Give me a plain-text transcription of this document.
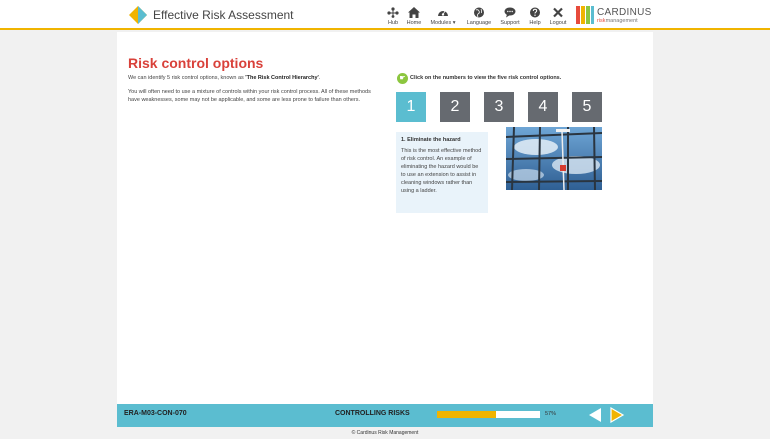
Effective Risk Assessment
Hub	Home	Modules ▾	Language	Support	Help	Logout
CARDINUS
riskmanagement
Risk control options
We can identify 5 risk control options, known as 'The Risk Control Hierarchy'.
You will often need to use a mixture of controls within your risk control process. All of these methods have weaknesses, some may not be applicable, and some are less prone to failure than others.
☛ Click on the numbers to view the five risk control options.
1	2	3	4	5
1. Eliminate the hazard
This is the most effective method of risk control. An example of eliminating the hazard would be to use an extension to assist in cleaning windows rather than using a ladder.
ERA-M03-CON-070	CONTROLLING RISKS	57%
© Cardinus Risk Management
